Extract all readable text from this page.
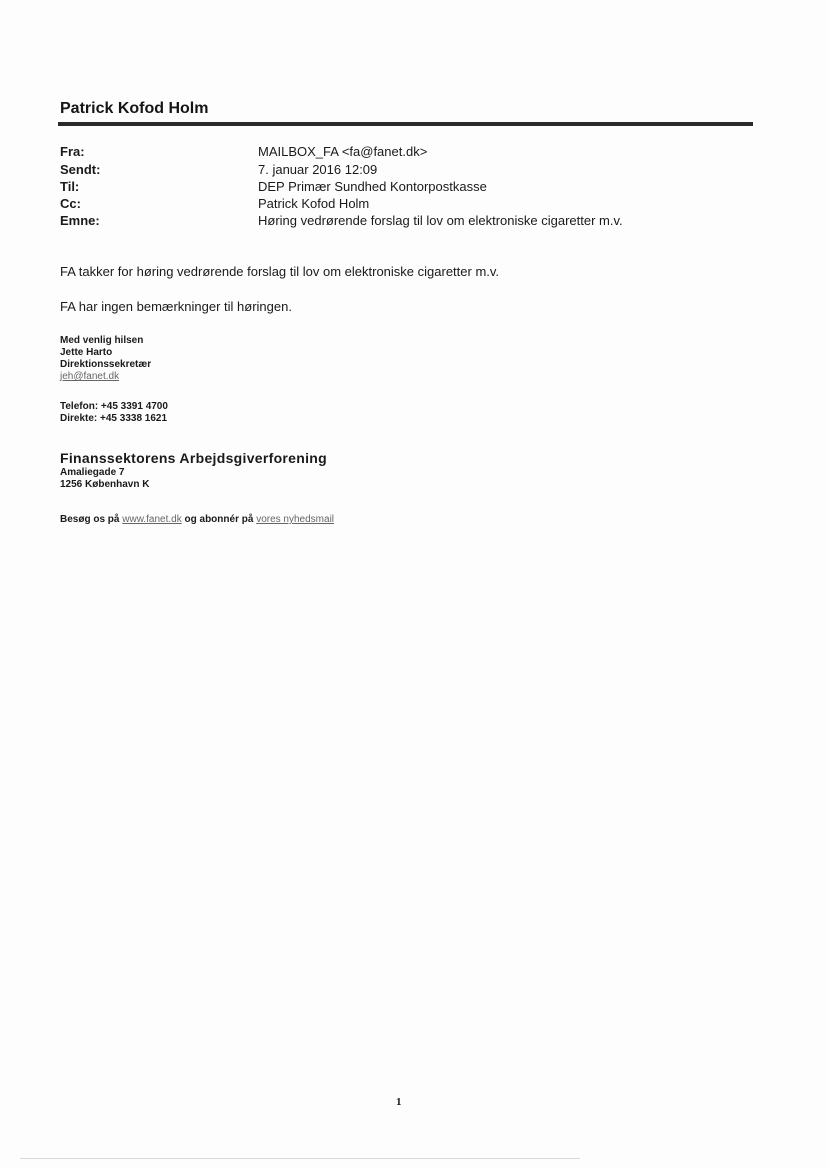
Patrick Kofod Holm
Fra:	MAILBOX_FA <fa@fanet.dk>
Sendt:	7. januar 2016 12:09
Til:	DEP Primær Sundhed Kontorpostkasse
Cc:	Patrick Kofod Holm
Emne:	Høring vedrørende forslag til lov om elektroniske cigaretter m.v.
FA takker for høring vedrørende forslag til lov om elektroniske cigaretter m.v.
FA har ingen bemærkninger til høringen.
Med venlig hilsen
Jette Harto
Direktionssekretær
jeh@fanet.dk
Telefon: +45 3391 4700
Direkte: +45 3338 1621
Finanssektorens Arbejdsgiverforening
Amaliegade 7
1256 København K
Besøg os på www.fanet.dk og abonnér på vores nyhedsmail
1
